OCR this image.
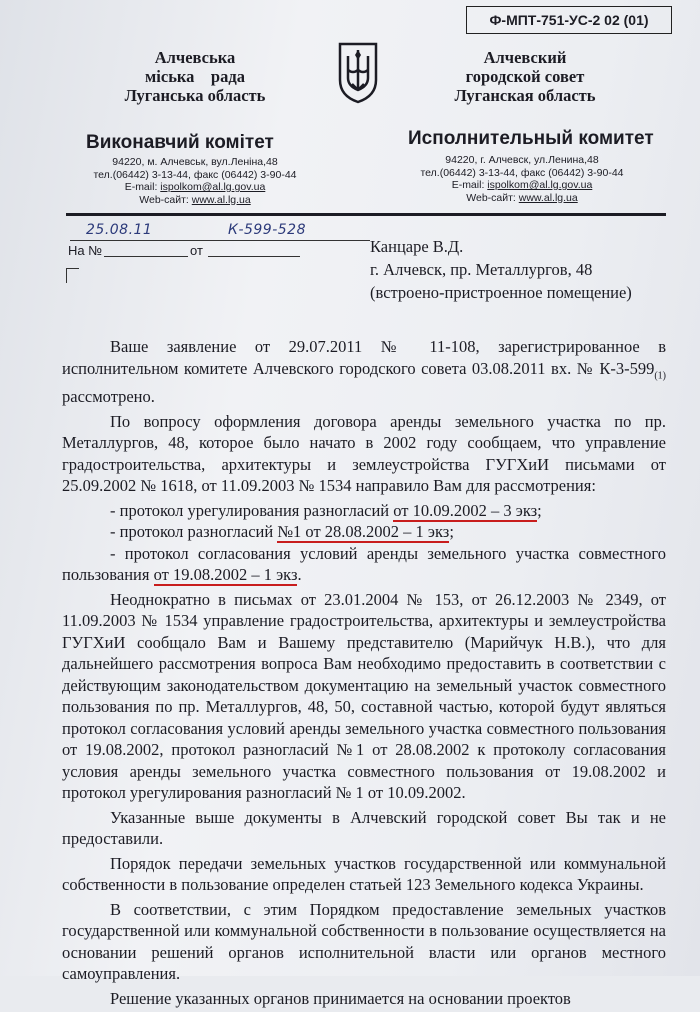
Ф-МПТ-751-УС-2 02 (01)
Алчевська
міська    рада
Луганська область
Алчевский
городской совет
Луганская область
Виконавчий комітет	Исполнительный комитет
94220, м. Алчевськ, вул.Леніна,48
тел.(06442) 3-13-44, факс (06442) 3-90-44
E-mail: ispolkom@al.lg.gov.ua
Web-сайт: www.al.lg.ua
94220, г. Алчевск, ул.Ленина,48
тел.(06442) 3-13-44, факс (06442) 3-90-44
E-mail: ispolkom@al.lg.gov.ua
Web-сайт: www.al.lg.ua
25.08.11	К-599-528
На №	от	Канцаре В.Д.
г. Алчевск, пр. Металлургов, 48
(встроено-пристроенное помещение)

Ваше заявление от 29.07.2011 № 11-108, зарегистрированное в исполнительном комитете Алчевского городского совета 03.08.2011 вх. № $К-3-599_{(1)}$ рассмотрено.

По вопросу оформления договора аренды земельного участка по пр. Металлургов, 48, которое было начато в 2002 году сообщаем, что управление градостроительства, архитектуры и землеустройства ГУГХиИ письмами от 25.09.2002 № 1618, от 11.09.2003 № 1534 направило Вам для рассмотрения:

- протокол урегулирования разногласий от 10.09.2002 – 3 экз;
- протокол разногласий №1 от 28.08.2002 – 1 экз;
- протокол согласования условий аренды земельного участка совместного пользования от 19.08.2002 – 1 экз.

Неоднократно в письмах от 23.01.2004 № 153, от 26.12.2003 № 2349, от 11.09.2003 № 1534 управление градостроительства, архитектуры и землеустройства ГУГХиИ сообщало Вам и Вашему представителю (Марийчук Н.В.), что для дальнейшего рассмотрения вопроса Вам необходимо предоставить в соответствии с действующим законодательством документацию на земельный участок совместного пользования по пр. Металлургов, 48, 50, составной частью, которой будут являться протокол согласования условий аренды земельного участка совместного пользования от 19.08.2002, протокол разногласий №1 от 28.08.2002 к протоколу согласования условия аренды земельного участка совместного пользования от 19.08.2002 и протокол урегулирования разногласий № 1 от 10.09.2002.

Указанные выше документы в Алчевский городской совет Вы так и не предоставили.

Порядок передачи земельных участков государственной или коммунальной собственности в пользование определен статьей 123 Земельного кодекса Украины.

В соответствии, с этим Порядком предоставление земельных участков государственной или коммунальной собственности в пользование осуществляется на основании решений органов исполнительной власти или органов местного самоуправления.

Решение указанных органов принимается на основании проектов
